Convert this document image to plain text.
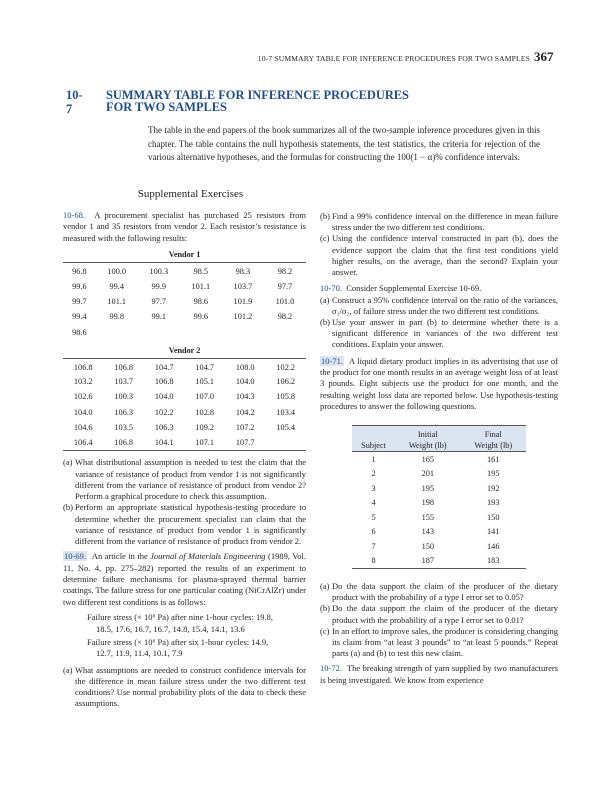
10-7 SUMMARY TABLE FOR INFERENCE PROCEDURES FOR TWO SAMPLES 367
10-7
SUMMARY TABLE FOR INFERENCE PROCEDURES
FOR TWO SAMPLES

The table in the end papers of the book summarizes all of the two-sample inference procedures given in this chapter. The table contains the null hypothesis statements, the test statistics, the criteria for rejection of the various alternative hypotheses, and the formulas for constructing the 100(1 − α)% confidence intervals.

Supplemental Exercises

10-68. A procurement specialist has purchased 25 resistors from vendor 1 and 35 resistors from vendor 2. Each resistor’s resistance is measured with the following results:

Vendor 1
96.8	100.0	100.3	98.5	98.3	98.2
99.6	99.4	99.9	101.1	103.7	97.7
99.7	101.1	97.7	98.6	101.9	101.0
99.4	99.8	99.1	99.6	101.2	98.2
98.6					
Vendor 2
106.8	106.8	104.7	104.7	108.0	102.2
103.2	103.7	106.8	105.1	104.0	106.2
102.6	100.3	104.0	107.0	104.3	105.8
104.0	106.3	102.2	102.8	104.2	103.4
104.6	103.5	106.3	109.2	107.2	105.4
106.4	106.8	104.1	107.1	107.7	
(a) What distributional assumption is needed to test the claim that the variance of resistance of product from vendor 1 is not significantly different from the variance of resistance of product from vendor 2? Perform a graphical procedure to check this assumption.
(b) Perform an appropriate statistical hypothesis-testing procedure to determine whether the procurement specialist can claim that the variance of resistance of product from vendor 1 is significantly different from the variance of resistance of product from vendor 2.

10-69. An article in the Journal of Materials Engineering (1989, Vol. 11, No. 4, pp. 275–282) reported the results of an experiment to determine failure mechanisms for plasma-sprayed thermal barrier coatings. The failure stress for one particular coating (NiCrAlZr) under two different test conditions is as follows:

Failure stress (× 10⁶ Pa) after nine 1-hour cycles: 19.8,
18.5, 17.6, 16.7, 16.7, 14.8, 15.4, 14.1, 13.6
Failure stress (× 10⁶ Pa) after six 1-hour cycles: 14.9,
12.7, 11.9, 11.4, 10.1, 7.9
(a) What assumptions are needed to construct confidence intervals for the difference in mean failure stress under the two different test conditions? Use normal probability plots of the data to check these assumptions.
(b) Find a 99% confidence interval on the difference in mean failure stress under the two different test conditions.
(c) Using the confidence interval constructed in part (b), does the evidence support the claim that the first test conditions yield higher results, on the average, than the second? Explain your answer.

10-70. Consider Supplemental Exercise 10-69.

(a) Construct a 95% confidence interval on the ratio of the variances, σ₁/σ₂, of failure stress under the two different test conditions.
(b) Use your answer in part (b) to determine whether there is a significant difference in variances of the two different test conditions. Explain your answer.

10-71. A liquid dietary product implies in its advertising that use of the product for one month results in an average weight loss of at least 3 pounds. Eight subjects use the product for one month, and the resulting weight loss data are reported below. Use hypothesis-testing procedures to answer the following questions.

	Initial	Final
Subject	Weight (lb)	Weight (lb)
1	165	161
2	201	195
3	195	192
4	198	193
5	155	150
6	143	141
7	150	146
8	187	183
(a) Do the data support the claim of the producer of the dietary product with the probability of a type I error set to 0.05?
(b) Do the data support the claim of the producer of the dietary product with the probability of a type I error set to 0.01?
(c) In an effort to improve sales, the producer is considering changing its claim from “at least 3 pounds” to “at least 5 pounds.” Repeat parts (a) and (b) to test this new claim.

10-72. The breaking strength of yarn supplied by two manufacturers is being investigated. We know from experience
